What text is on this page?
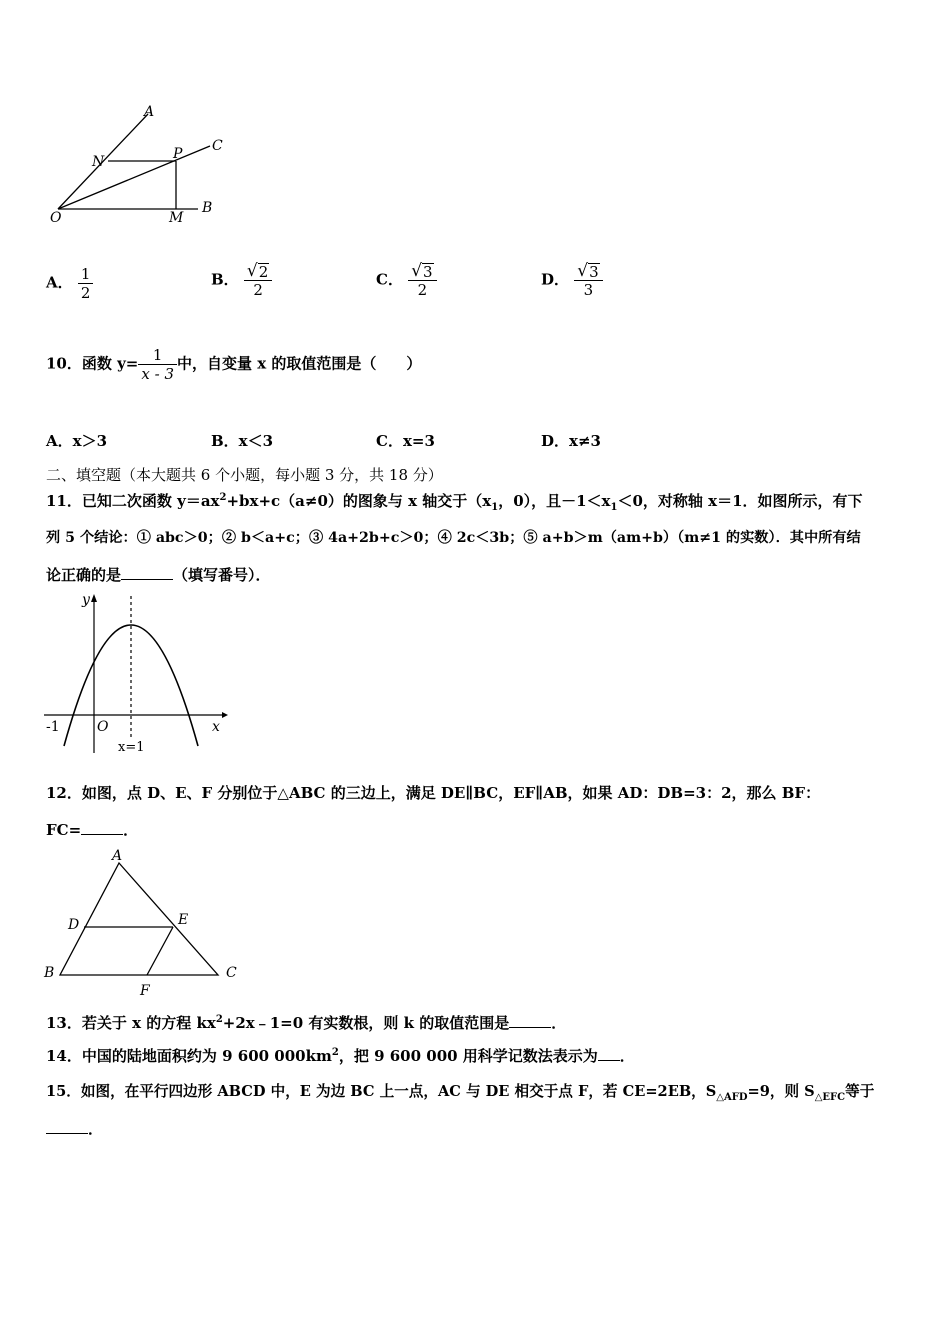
A
N	P C
O	M
B
A． $\frac{1}{2}$	B． $\frac{√ 2}{2}$	C． $\frac{√ 3}{2}$	D． $\frac{√ 3}{3}$
10．函数 $y= \frac{1}{x - 3}$ 中，自变量 x 的取值范围是（　　）
A．x＞3	B．x＜3	C．x=3	D．x≠3
二、填空题（本大题共 6 个小题，每小题 3 分，共 18 分）
11．已知二次函数 $y=ax^2+bx+c(a\ne 0)$的图象与 x 轴交于（$x_1$，0），且$-1<x_1<0$，对称轴 x＝1．如图所示，有下
列 5 个结论：① abc＞0；② b＜a+c；③ 4a+2b+c＞0；④ 2c＜3b；⑤ a+b＞m（am+b）（m≠1 的实数）．其中所有结
论正确的是	（填写番号）．
y
x
O
-1
x=1
12．如图，点 D、E、F 分别位于△ABC 的三边上，满足 DE∥BC，EF∥AB，如果 AD：DB=3：2，那么 BF：
FC=	．
A
D	E
B	C
F
13．若关于 x 的方程 $kx^2+2x﹣1=0$ 有实数根，则 k 的取值范围是	．
14．中国的陆地面积约为 9 600 $000km^2$，把 9 600 000 用科学记数法表示为 ．
15．如图，在平行四边形 ABCD 中，E 为边 BC 上一点，AC 与 DE 相交于点 F，若 CE=2EB，$S_{\triangle AFD}=9$，则 $S_{\triangle EFC}$等于
．
